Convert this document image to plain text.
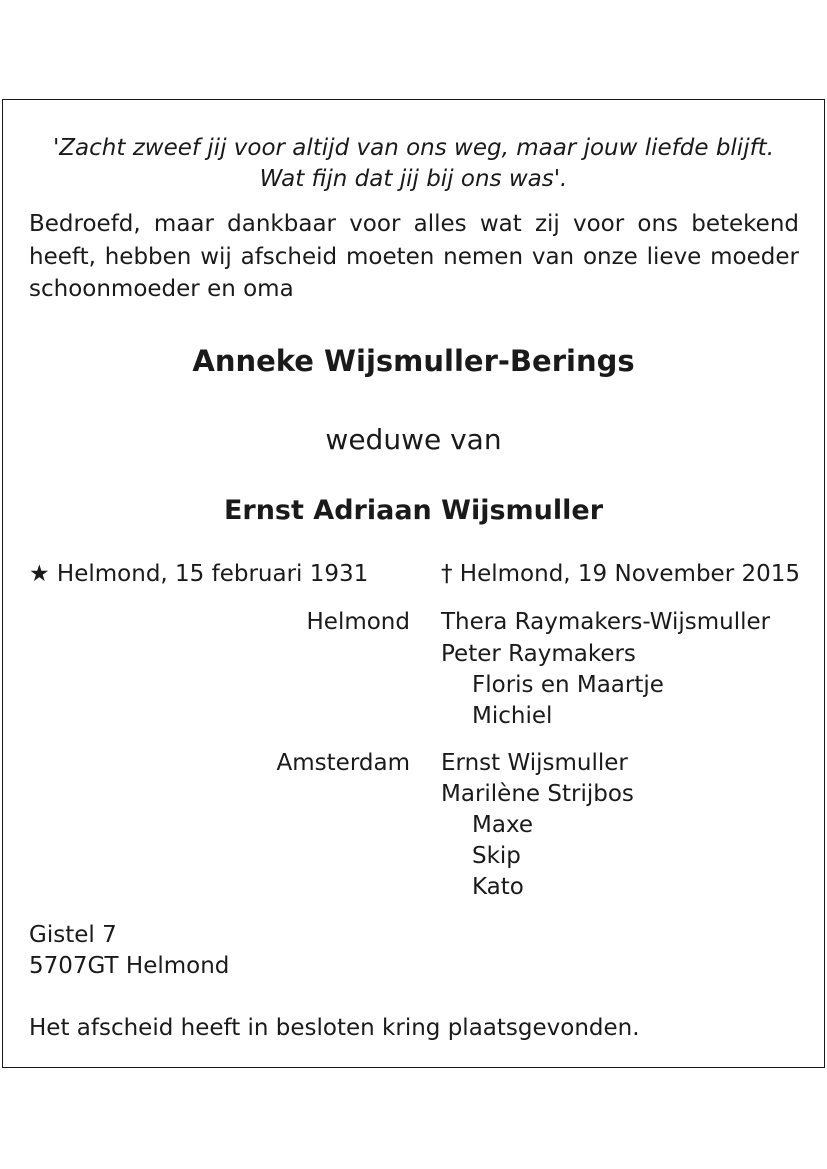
'Zacht zweef jij voor altijd van ons weg, maar jouw liefde blijft.

Wat fijn dat jij bij ons was'.

Bedroefd, maar dankbaar voor alles wat zij voor ons betekend

heeft, hebben wij afscheid moeten nemen van onze lieve moeder

schoonmoeder en oma

Anneke Wijsmuller-Berings

weduwe van

Ernst Adriaan Wijsmuller

★ Helmond, 15 februari 1931	† Helmond, 19 November 2015

Helmond Thera Raymakers-Wijsmuller

Peter Raymakers

Floris en Maartje

Michiel

Amsterdam Ernst Wijsmuller

Marilène Strijbos

Maxe

Skip

Kato

Gistel 7

5707GT Helmond

Het afscheid heeft in besloten kring plaatsgevonden.
